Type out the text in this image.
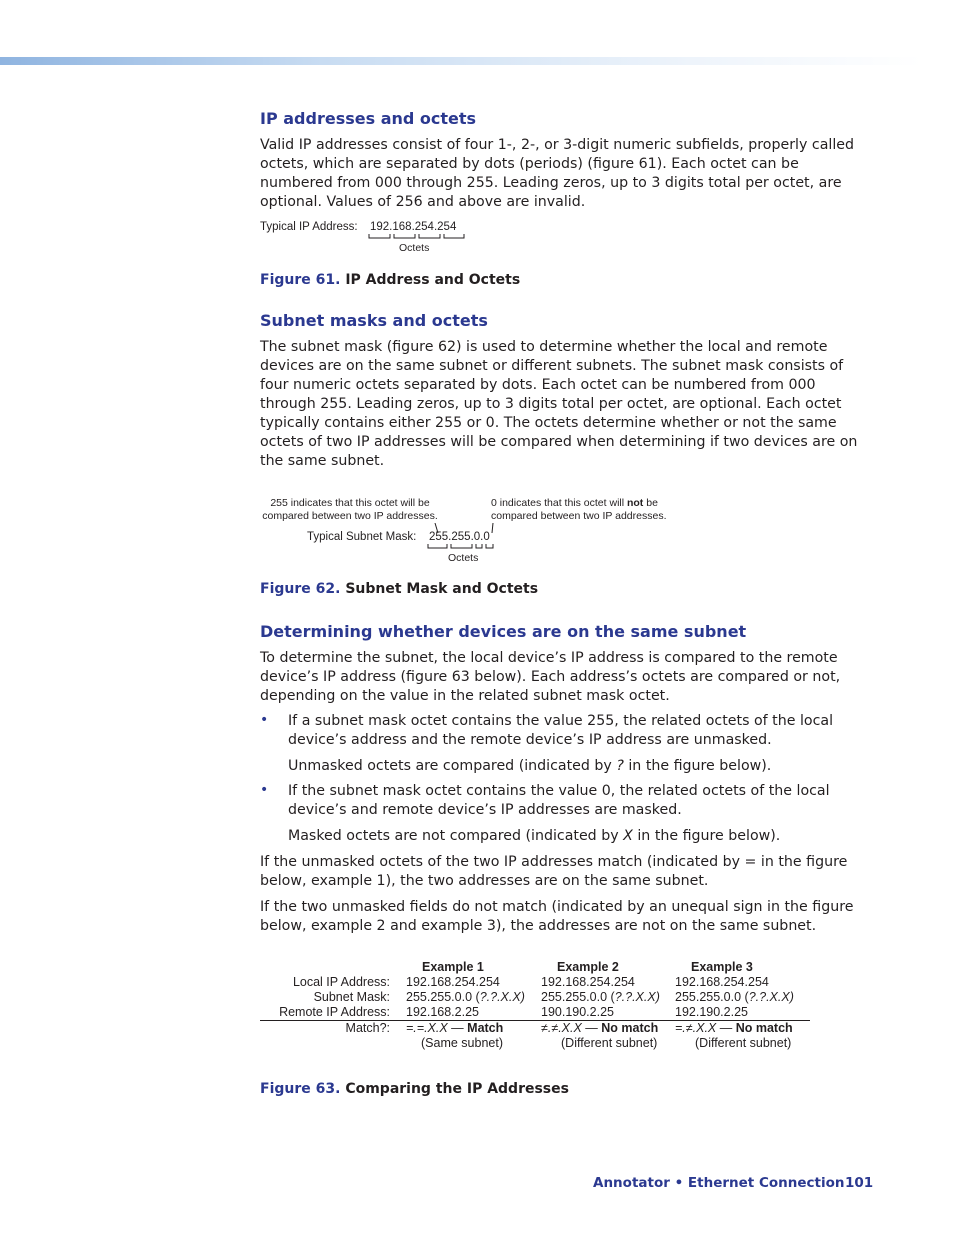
IP addresses and octets

Valid IP addresses consist of four 1-, 2-, or 3-digit numeric subfields, properly called octets, which are separated by dots (periods) (figure 61). Each octet can be numbered from 000 through 255. Leading zeros, up to 3 digits total per octet, are optional. Values of 256 and above are invalid.

Typical IP Address: 192.168.254.254
Octets
Figure 61. IP Address and Octets
Subnet masks and octets

The subnet mask (figure 62) is used to determine whether the local and remote devices are on the same subnet or different subnets. The subnet mask consists of four numeric octets separated by dots. Each octet can be numbered from 000 through 255. Leading zeros, up to 3 digits total per octet, are optional. Each octet typically contains either 255 or 0. The octets determine whether or not the same octets of two IP addresses will be compared when determining if two devices are on the same subnet.

255 indicates that this octet will be
compared between two IP addresses.
0 indicates that this octet will not be
compared between two IP addresses.
Typical Subnet Mask: 255.255.0.0
Octets
Figure 62. Subnet Mask and Octets
Determining whether devices are on the same subnet

To determine the subnet, the local device’s IP address is compared to the remote device’s IP address (figure 63 below). Each address’s octets are compared or not, depending on the value in the related subnet mask octet.

• If a subnet mask octet contains the value 255, the related octets of the local device’s address and the remote device’s IP address are unmasked.

Unmasked octets are compared (indicated by ? in the figure below).

• If the subnet mask octet contains the value 0, the related octets of the local device’s and remote device’s IP addresses are masked.

Masked octets are not compared (indicated by X in the figure below).

If the unmasked octets of the two IP addresses match (indicated by = in the figure below, example 1), the two addresses are on the same subnet.

If the two unmasked fields do not match (indicated by an unequal sign in the figure below, example 2 and example 3), the addresses are not on the same subnet.

	Example 1	Example 2	Example 3
Local IP Address:	192.168.254.254	192.168.254.254	192.168.254.254
Subnet Mask:	255.255.0.0 (?.?.X.X)	255.255.0.0 (?.?.X.X)	255.255.0.0 (?.?.X.X)
Remote IP Address:	192.168.2.25	190.190.2.25	192.190.2.25
Match?:	=.=.X.X — Match	≠.≠.X.X — No match	=.≠.X.X — No match
	(Same subnet)	(Different subnet)	(Different subnet)
Figure 63. Comparing the IP Addresses
Annotator • Ethernet Connection 101
